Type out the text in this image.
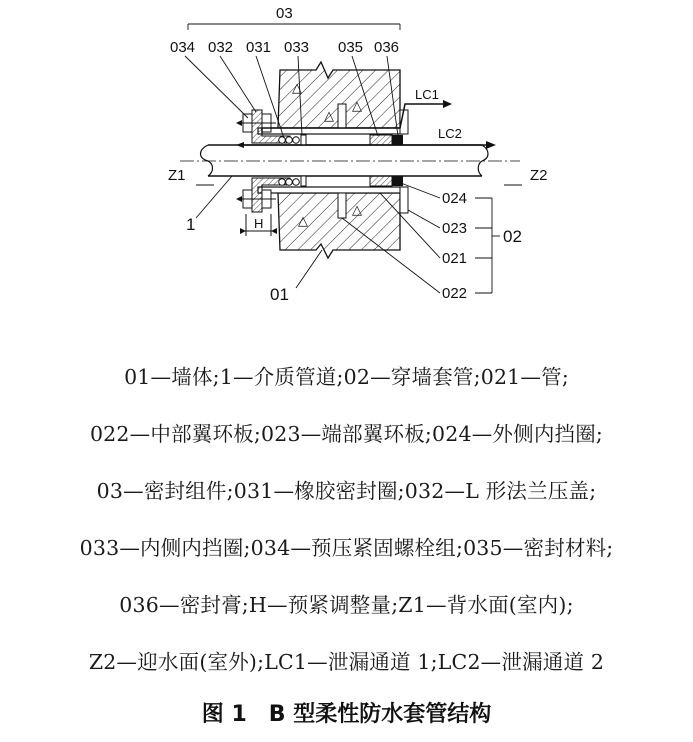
△
△
△
△
△
03
034 032 031 033 035 036
LC1
LC2
Z1	Z2
1	H
024
023
021
022
02
01
01—墙体;1—介质管道;02—穿墙套管;021—管;
022—中部翼环板;023—端部翼环板;024—外侧内挡圈;
03—密封组件;031—橡胶密封圈;032—L 形法兰压盖;
033—内侧内挡圈;034—预压紧固螺栓组;035—密封材料;
036—密封膏;H—预紧调整量;Z1—背水面(室内);
Z2—迎水面(室外);LC1—泄漏通道 1;LC2—泄漏通道 2
图 1　B 型柔性防水套管结构
